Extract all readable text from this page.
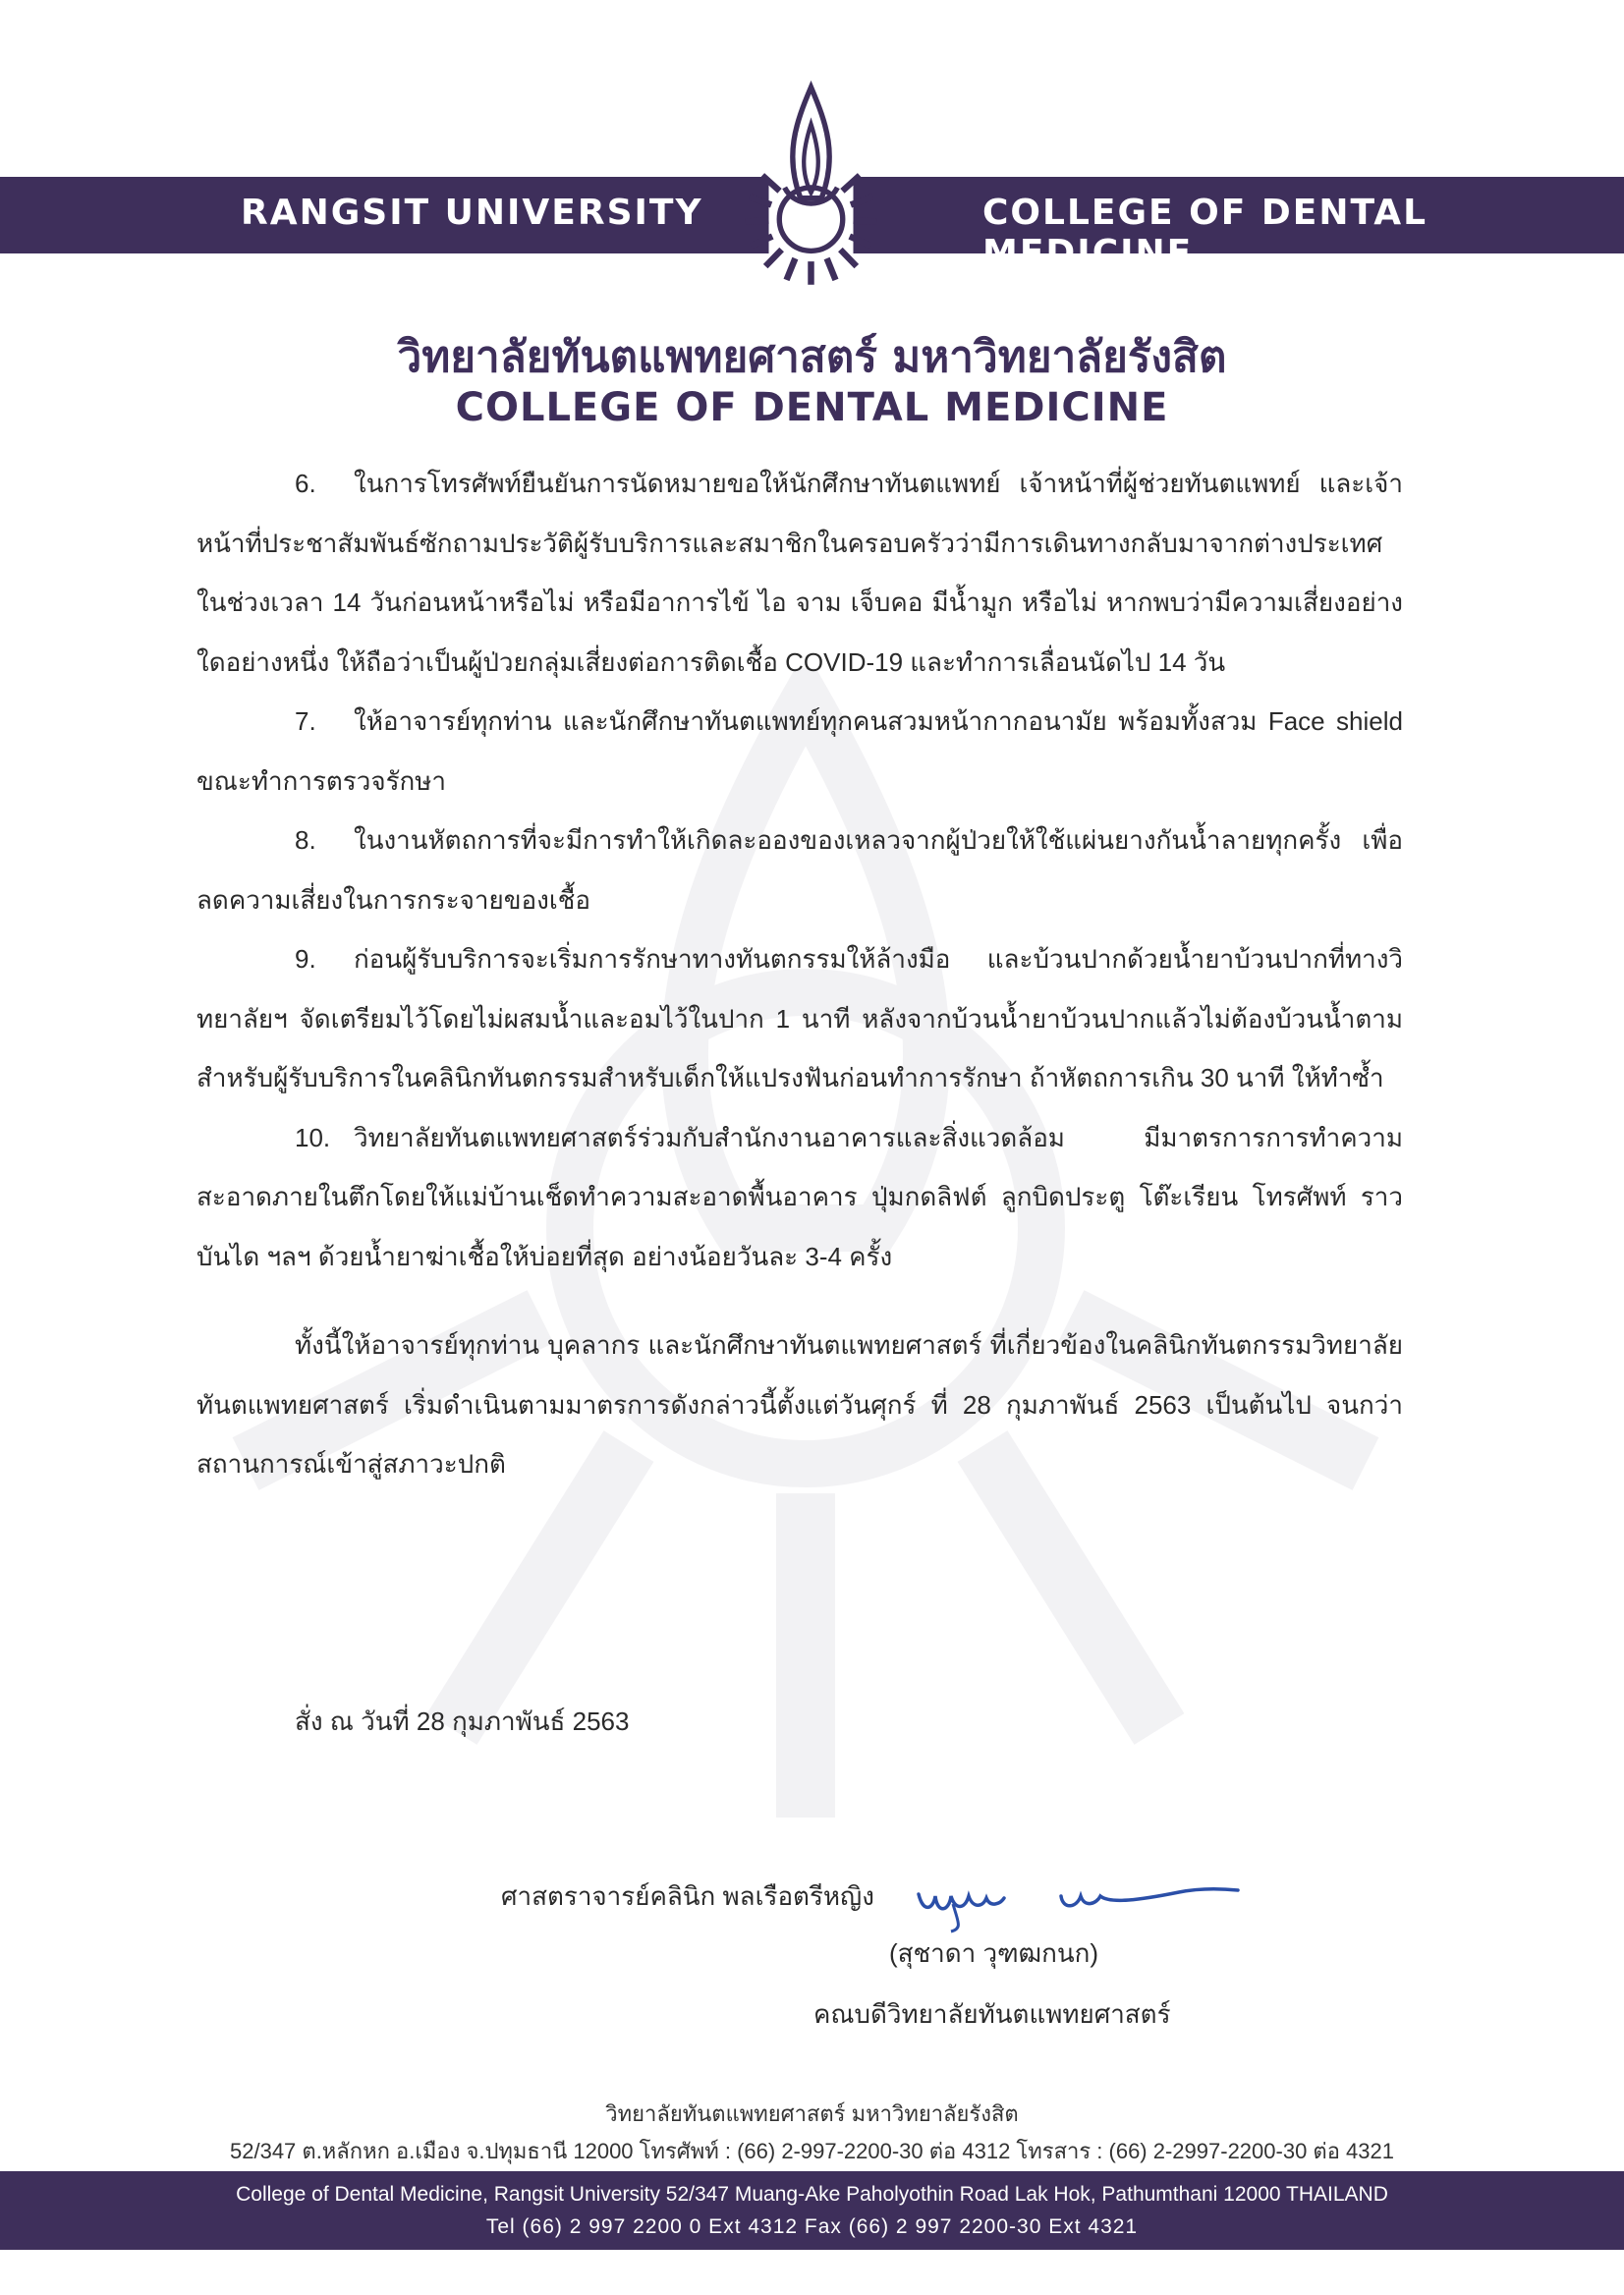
RANGSIT UNIVERSITY	COLLEGE OF DENTAL MEDICINE
วิทยาลัยทันตแพทยศาสตร์ มหาวิทยาลัยรังสิต
COLLEGE OF DENTAL MEDICINE

6. ในการโทรศัพท์ยืนยันการนัดหมายขอให้นักศึกษาทันตแพทย์ เจ้าหน้าที่ผู้ช่วยทันตแพทย์ และเจ้าหน้าที่ประชาสัมพันธ์ซักถามประวัติผู้รับบริการและสมาชิกในครอบครัวว่ามีการเดินทางกลับมาจากต่างประเทศในช่วงเวลา 14 วันก่อนหน้าหรือไม่ หรือมีอาการไข้ ไอ จาม เจ็บคอ มีน้ำมูก หรือไม่ หากพบว่ามีความเสี่ยงอย่างใดอย่างหนึ่ง ให้ถือว่าเป็นผู้ป่วยกลุ่มเสี่ยงต่อการติดเชื้อ COVID-19 และทำการเลื่อนนัดไป 14 วัน

7. ให้อาจารย์ทุกท่าน และนักศึกษาทันตแพทย์ทุกคนสวมหน้ากากอนามัย พร้อมทั้งสวม Face shield ขณะทำการตรวจรักษา

8. ในงานหัตถการที่จะมีการทำให้เกิดละอองของเหลวจากผู้ป่วยให้ใช้แผ่นยางกันน้ำลายทุกครั้ง เพื่อลดความเสี่ยงในการกระจายของเชื้อ

9. ก่อนผู้รับบริการจะเริ่มการรักษาทางทันตกรรมให้ล้างมือ และบ้วนปากด้วยน้ำยาบ้วนปากที่ทางวิทยาลัยฯ จัดเตรียมไว้โดยไม่ผสมน้ำและอมไว้ในปาก 1 นาที หลังจากบ้วนน้ำยาบ้วนปากแล้วไม่ต้องบ้วนน้ำตาม สำหรับผู้รับบริการในคลินิกทันตกรรมสำหรับเด็กให้แปรงฟันก่อนทำการรักษา ถ้าหัตถการเกิน 30 นาที ให้ทำซ้ำ

10. วิทยาลัยทันตแพทยศาสตร์ร่วมกับสำนักงานอาคารและสิ่งแวดล้อม มีมาตรการการทำความสะอาดภายในตึกโดยให้แม่บ้านเช็ดทำความสะอาดพื้นอาคาร ปุ่มกดลิฟต์ ลูกบิดประตู โต๊ะเรียน โทรศัพท์ ราวบันได ฯลฯ ด้วยน้ำยาฆ่าเชื้อให้บ่อยที่สุด อย่างน้อยวันละ 3-4 ครั้ง

ทั้งนี้ให้อาจารย์ทุกท่าน บุคลากร และนักศึกษาทันตแพทยศาสตร์ ที่เกี่ยวข้องในคลินิกทันตกรรมวิทยาลัยทันตแพทยศาสตร์ เริ่มดำเนินตามมาตรการดังกล่าวนี้ตั้งแต่วันศุกร์ ที่ 28 กุมภาพันธ์ 2563 เป็นต้นไป จนกว่าสถานการณ์เข้าสู่สภาวะปกติ

สั่ง ณ วันที่ 28 กุมภาพันธ์ 2563
ศาสตราจารย์คลินิก พลเรือตรีหญิง
(สุชาดา วุฑฒกนก)
คณบดีวิทยาลัยทันตแพทยศาสตร์
วิทยาลัยทันตแพทยศาสตร์ มหาวิทยาลัยรังสิต
52/347 ต.หลักหก อ.เมือง จ.ปทุมธานี 12000 โทรศัพท์ : (66) 2-997-2200-30 ต่อ 4312 โทรสาร : (66) 2-2997-2200-30 ต่อ 4321
College of Dental Medicine, Rangsit University 52/347 Muang-Ake Paholyothin Road Lak Hok, Pathumthani 12000 THAILAND
Tel (66) 2 997 2200 0 Ext 4312 Fax (66) 2 997 2200-30 Ext 4321
